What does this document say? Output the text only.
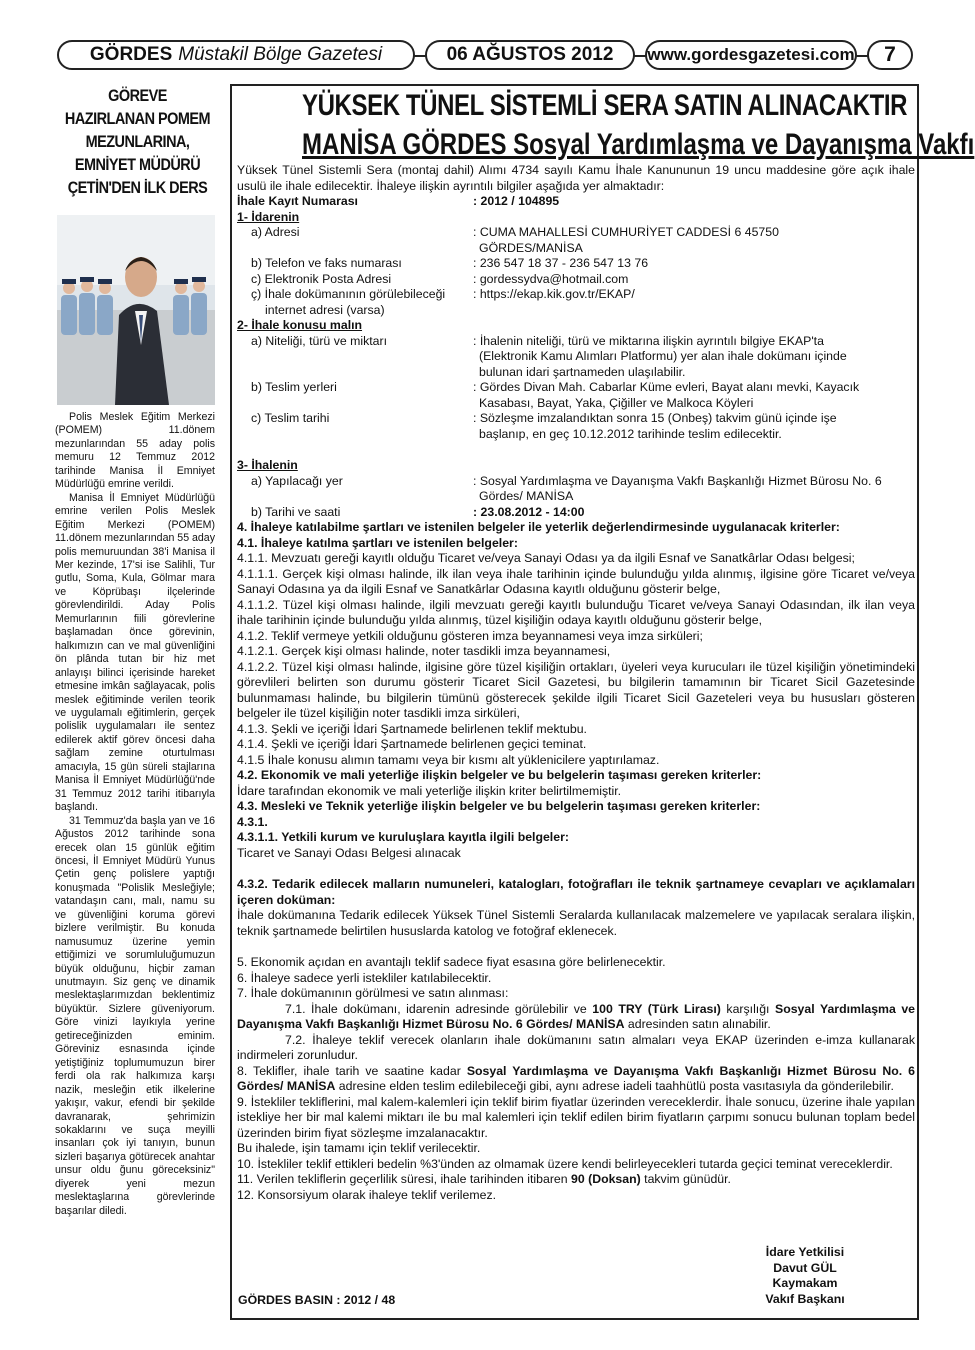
GÖRDES Müstakil Bölge Gazetesi	06 AĞUSTOS 2012	www.gordesgazetesi.com	7
GÖREVE
HAZIRLANAN POMEM
MEZUNLARINA,
EMNİYET MÜDÜRÜ
ÇETİN'DEN İLK DERS

Polis Meslek Eğitim Merkezi (POMEM) 11.dönem mezunlarından 55 aday polis memuru 12 Temmuz 2012 tarihinde Manisa İl Emniyet Müdürlüğü emrine verildi.

Manisa İl Emniyet Müdürlüğü emrine verilen Polis Meslek Eğitim Merkezi (POMEM) 11.dönem mezunlarından 55 aday polis memuruundan 38'i Manisa il Mer kezinde, 17'si ise Salihli, Tur gutlu, Soma, Kula, Gölmar mara ve Köprübaşı ilçelerinde görevlendirildi. Aday Polis Memurlarının fiili görevlerine başlamadan önce görevinin, halkımızın can ve mal güvenliğini ön plânda tutan bir hiz met anlayışı bilinci içerisinde hareket etmesine imkân sağlayacak, polis meslek eğitiminde verilen teorik ve uygulamalı eğitimlerin, gerçek polislik uygulamaları ile sentez edilerek aktif görev öncesi daha sağlam zemine oturtulması amacıyla, 15 gün süreli stajlarına Manisa İl Emniyet Müdürlüğü'nde 31 Temmuz 2012 tarihi itibarıyla başlandı.

31 Temmuz'da başla yan ve 16 Ağustos 2012 tarihinde sona erecek olan 15 günlük eğitim öncesi, İl Emniyet Müdürü Yunus Çetin genç polislere yaptığı konuşmada "Polislik Mesleğiyle; vatandaşın canı, malı, namu su ve güvenliğini koruma görevi bizlere verilmiştir. Bu konuda namusumuz üzerine yemin ettiğimizi ve sorumluluğumuzun büyük olduğunu, hiçbir zaman unutmayın. Siz genç ve dinamik meslektaşlarımızdan beklentimiz büyüktür. Sizlere güveniyorum. Göre vinizi layıkıyla yerine getireceğinizden eminim. Göreviniz esnasında içinde yetiştiğiniz toplumumuzun birer ferdi ola rak halkımıza karşı nazik, mesleğin etik ilkelerine yakışır, vakur, efendi bir şekilde davranarak, şehrimizin sokaklarını ve suça meyilli insanları çok iyi tanıyın, bunun sizleri başarıya götürecek anahtar unsur oldu ğunu göreceksiniz" diyerek yeni mezun meslektaşlarına görevlerinde başarılar diledi.

YÜKSEK TÜNEL SİSTEMLİ SERA SATIN ALINACAKTIR
MANİSA GÖRDES Sosyal Yardımlaşma ve Dayanışma Vakfı

Yüksek Tünel Sistemli Sera (montaj dahil) Alımı 4734 sayılı Kamu İhale Kanununun 19 uncu maddesine göre açık ihale usulü ile ihale edilecektir. İhaleye ilişkin ayrıntılı bilgiler aşağıda yer almaktadır:

İhale Kayıt Numarası	: 2012 / 104895
1- İdarenin
a) Adresi	: CUMA MAHALLESİ CUMHURİYET CADDESİ 6 45750
GÖRDES/MANİSA
b) Telefon ve faks numarası	: 236 547 18 37 - 236 547 13 76
c) Elektronik Posta Adresi	: gordessydva@hotmail.com
ç) İhale dokümanının görülebileceği
internet adresi (varsa)
: https://ekap.kik.gov.tr/EKAP/
2- İhale konusu malın
a) Niteliği, türü ve miktarı	: İhalenin niteliği, türü ve miktarına ilişkin ayrıntılı bilgiye EKAP'ta
(Elektronik Kamu Alımları Platformu) yer alan ihale dokümanı içinde
bulunan idari şartnameden ulaşılabilir.
b) Teslim yerleri	: Gördes Divan Mah. Cabarlar Küme evleri, Bayat alanı mevki, Kayacık
Kasabası, Bayat, Yaka, Çiğiller ve Malkoca Köyleri
c) Teslim tarihi	: Sözleşme imzalandıktan sonra 15 (Onbeş) takvim günü içinde işe
başlanıp, en geç 10.12.2012 tarihinde teslim edilecektir.
3- İhalenin
a) Yapılacağı yer	: Sosyal Yardımlaşma ve Dayanışma Vakfı Başkanlığı Hizmet Bürosu No. 6
Gördes/ MANİSA
b) Tarihi ve saati	: 23.08.2012 - 14:00

4. İhaleye katılabilme şartları ve istenilen belgeler ile yeterlik değerlendirmesinde uygulanacak kriterler:

4.1. İhaleye katılma şartları ve istenilen belgeler:

4.1.1. Mevzuatı gereği kayıtlı olduğu Ticaret ve/veya Sanayi Odası ya da ilgili Esnaf ve Sanatkârlar Odası belgesi;

4.1.1.1. Gerçek kişi olması halinde, ilk ilan veya ihale tarihinin içinde bulunduğu yılda alınmış, ilgisine göre Ticaret ve/veya Sanayi Odasına ya da ilgili Esnaf ve Sanatkârlar Odasına kayıtlı olduğunu gösterir belge,

4.1.1.2. Tüzel kişi olması halinde, ilgili mevzuatı gereği kayıtlı bulunduğu Ticaret ve/veya Sanayi Odasından, ilk ilan veya ihale tarihinin içinde bulunduğu yılda alınmış, tüzel kişiliğin odaya kayıtlı olduğunu gösterir belge,

4.1.2. Teklif vermeye yetkili olduğunu gösteren imza beyannamesi veya imza sirküleri;

4.1.2.1. Gerçek kişi olması halinde, noter tasdikli imza beyannamesi,

4.1.2.2. Tüzel kişi olması halinde, ilgisine göre tüzel kişiliğin ortakları, üyeleri veya kurucuları ile tüzel kişiliğin yönetimindeki görevlileri belirten son durumu gösterir Ticaret Sicil Gazetesi, bu bilgilerin tamamının bir Ticaret Sicil Gazetesinde bulunmaması halinde, bu bilgilerin tümünü gösterecek şekilde ilgili Ticaret Sicil Gazeteleri veya bu hususları gösteren belgeler ile tüzel kişiliğin noter tasdikli imza sirküleri,

4.1.3. Şekli ve içeriği İdari Şartnamede belirlenen teklif mektubu.

4.1.4. Şekli ve içeriği İdari Şartnamede belirlenen geçici teminat.

4.1.5 İhale konusu alımın tamamı veya bir kısmı alt yüklenicilere yaptırılamaz.

4.2. Ekonomik ve mali yeterliğe ilişkin belgeler ve bu belgelerin taşıması gereken kriterler:

İdare tarafından ekonomik ve mali yeterliğe ilişkin kriter belirtilmemiştir.

4.3. Mesleki ve Teknik yeterliğe ilişkin belgeler ve bu belgelerin taşıması gereken kriterler:

4.3.1.

4.3.1.1. Yetkili kurum ve kuruluşlara kayıtla ilgili belgeler:

Ticaret ve Sanayi Odası Belgesi alınacak

4.3.2. Tedarik edilecek malların numuneleri, katalogları, fotoğrafları ile teknik şartnameye cevapları ve açıklamaları içeren doküman:

İhale dokümanına Tedarik edilecek Yüksek Tünel Sistemli Seralarda kullanılacak malzemelere ve yapılacak seralara ilişkin, teknik şartnamede belirtilen hususlarda katolog ve fotoğraf eklenecek.

5. Ekonomik açıdan en avantajlı teklif sadece fiyat esasına göre belirlenecektir.

6. İhaleye sadece yerli istekliler katılabilecektir.

7. İhale dokümanının görülmesi ve satın alınması:

7.1. İhale dokümanı, idarenin adresinde görülebilir ve 100 TRY (Türk Lirası) karşılığı Sosyal Yardımlaşma ve Dayanışma Vakfı Başkanlığı Hizmet Bürosu No. 6 Gördes/ MANİSA adresinden satın alınabilir.

7.2. İhaleye teklif verecek olanların ihale dokümanını satın almaları veya EKAP üzerinden e-imza kullanarak indirmeleri zorunludur.

8. Teklifler, ihale tarih ve saatine kadar Sosyal Yardımlaşma ve Dayanışma Vakfı Başkanlığı Hizmet Bürosu No. 6 Gördes/ MANİSA adresine elden teslim edilebileceği gibi, aynı adrese iadeli taahhütlü posta vasıtasıyla da gönderilebilir.

9. İstekliler tekliflerini, mal kalem-kalemleri için teklif birim fiyatlar üzerinden vereceklerdir. İhale sonucu, üzerine ihale yapılan istekliye her bir mal kalemi miktarı ile bu mal kalemleri için teklif edilen birim fiyatların çarpımı sonucu bulunan toplam bedel üzerinden birim fiyat sözleşme imzalanacaktır.

Bu ihalede, işin tamamı için teklif verilecektir.

10. İstekliler teklif ettikleri bedelin %3'ünden az olmamak üzere kendi belirleyecekleri tutarda geçici teminat vereceklerdir.

11. Verilen tekliflerin geçerlilik süresi, ihale tarihinden itibaren 90 (Doksan) takvim günüdür.

12. Konsorsiyum olarak ihaleye teklif verilemez.

İdare Yetkilisi
Davut GÜL
Kaymakam
Vakıf Başkanı
GÖRDES BASIN : 2012 / 48
